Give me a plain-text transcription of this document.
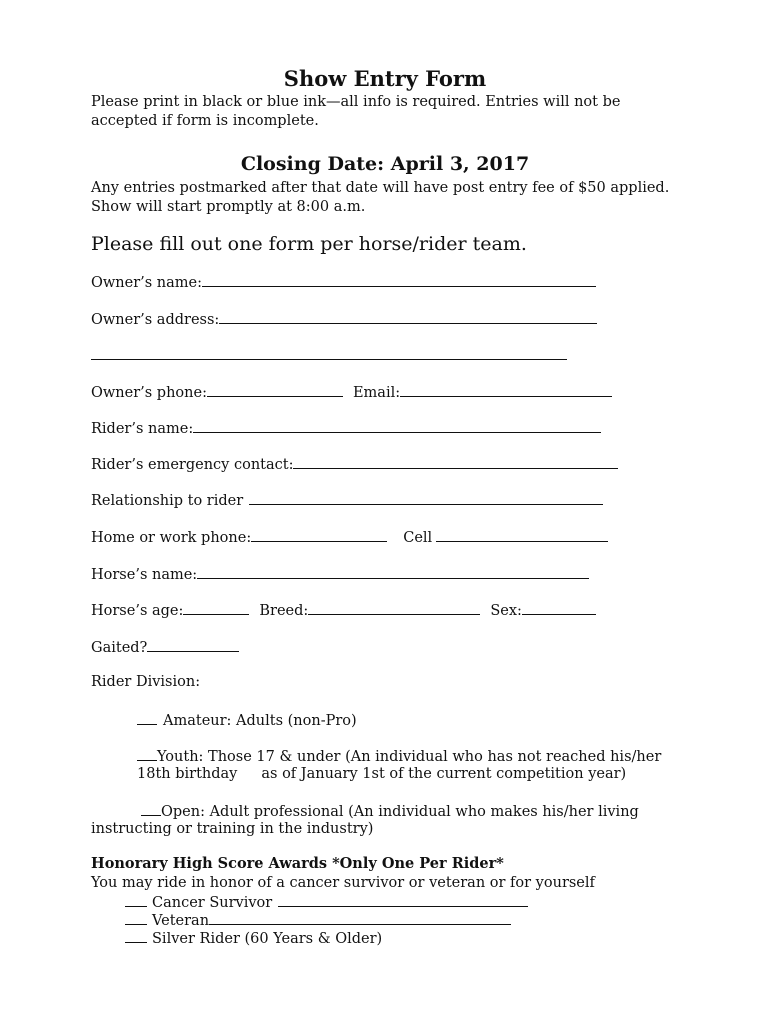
Show Entry Form
Please print in black or blue ink—all info is required. Entries will not be
accepted if form is incomplete.
Closing Date: April 3, 2017
Any entries postmarked after that date will have post entry fee of $50 applied.
Show will start promptly at 8:00 a.m.
Please fill out one form per horse/rider team.
Owner’s name:
Owner’s address:
Owner’s phone:	Email:
Rider’s name:
Rider’s emergency contact:
Relationship to rider
Home or work phone:	Cell
Horse’s name:
Horse’s age:	Breed:	Sex:
Gaited?
Rider Division:
Amateur: Adults (non-Pro)
Youth: Those 17 & under (An individual who has not reached his/her
18th birthday as of January 1st of the current competition year)
Open: Adult professional (An individual who makes his/her living
instructing or training in the industry)
Honorary High Score Awards *Only One Per Rider*
You may ride in honor of a cancer survivor or veteran or for yourself
Cancer Survivor
Veteran
Silver Rider (60 Years & Older)
